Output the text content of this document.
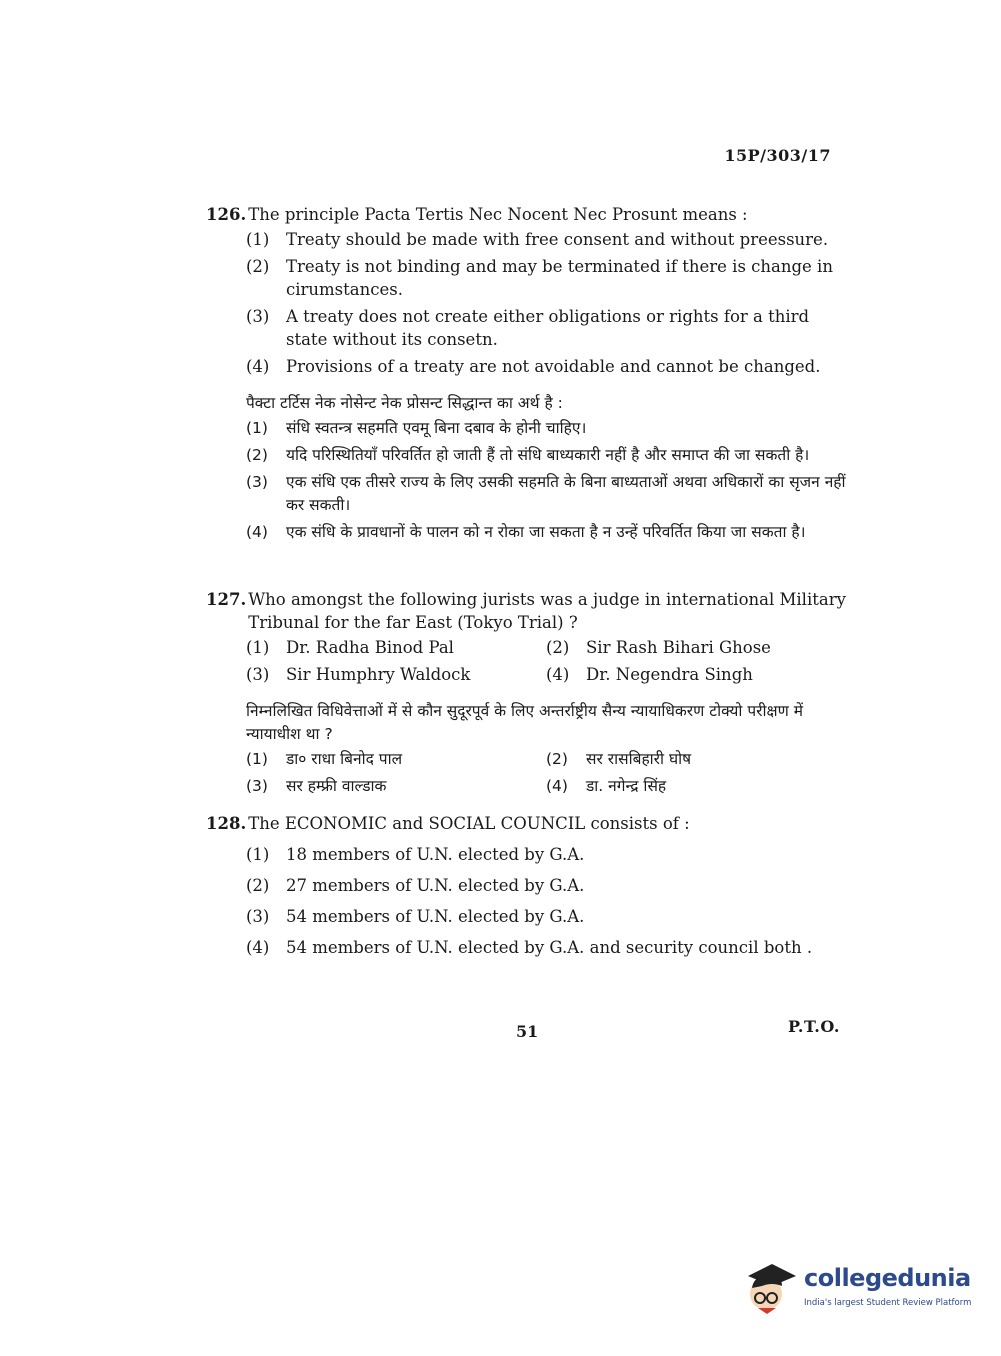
15P/303/17
126. The principle Pacta Tertis Nec Nocent Nec Prosunt means :
(1)	Treaty should be made with free consent and without preessure.
(2)	Treaty is not binding and may be terminated if there is change in cirumstances.
(3)	A treaty does not create either obligations or rights for a third state without its consetn.
(4)	Provisions of a treaty are not avoidable and cannot be changed.
पैक्टा टर्टिस नेक नोसेन्ट नेक प्रोसन्ट सिद्धान्त का अर्थ है :
(1)	संधि स्वतन्त्र सहमति एवमू बिना दबाव के होनी चाहिए।
(2)	यदि परिस्थितियाँ परिवर्तित हो जाती हैं तो संधि बाध्यकारी नहीं है और समाप्त की जा सकती है।
(3)	एक संधि एक तीसरे राज्य के लिए उसकी सहमति के बिना बाध्यताओं अथवा अधिकारों का सृजन नहीं कर सकती।
(4)	एक संधि के प्रावधानों के पालन को न रोका जा सकता है न उन्हें परिवर्तित किया जा सकता है।
127. Who amongst the following jurists was a judge in international Military Tribunal for the far East (Tokyo Trial) ?
(1)	Dr. Radha Binod Pal	(2)	Sir Rash Bihari Ghose
(3)	Sir Humphry Waldock	(4)	Dr. Negendra Singh
निम्नलिखित विधिवेत्ताओं में से कौन सुदूरपूर्व के लिए अन्तर्राष्ट्रीय सैन्य न्यायाधिकरण टोक्यो परीक्षण में न्यायाधीश था ?
(1)	डा० राधा बिनोद पाल	(2)	सर रासबिहारी घोष
(3)	सर हम्फ्री वाल्डाक	(4)	डा. नगेन्द्र सिंह
128. The ECONOMIC and SOCIAL COUNCIL consists of :
(1)	18 members of U.N. elected by G.A.
(2)	27 members of U.N. elected by G.A.
(3)	54 members of U.N. elected by G.A.
(4)	54 members of U.N. elected by G.A. and security council both .
51	P.T.O.
collegedunia
India's largest Student Review Platform
